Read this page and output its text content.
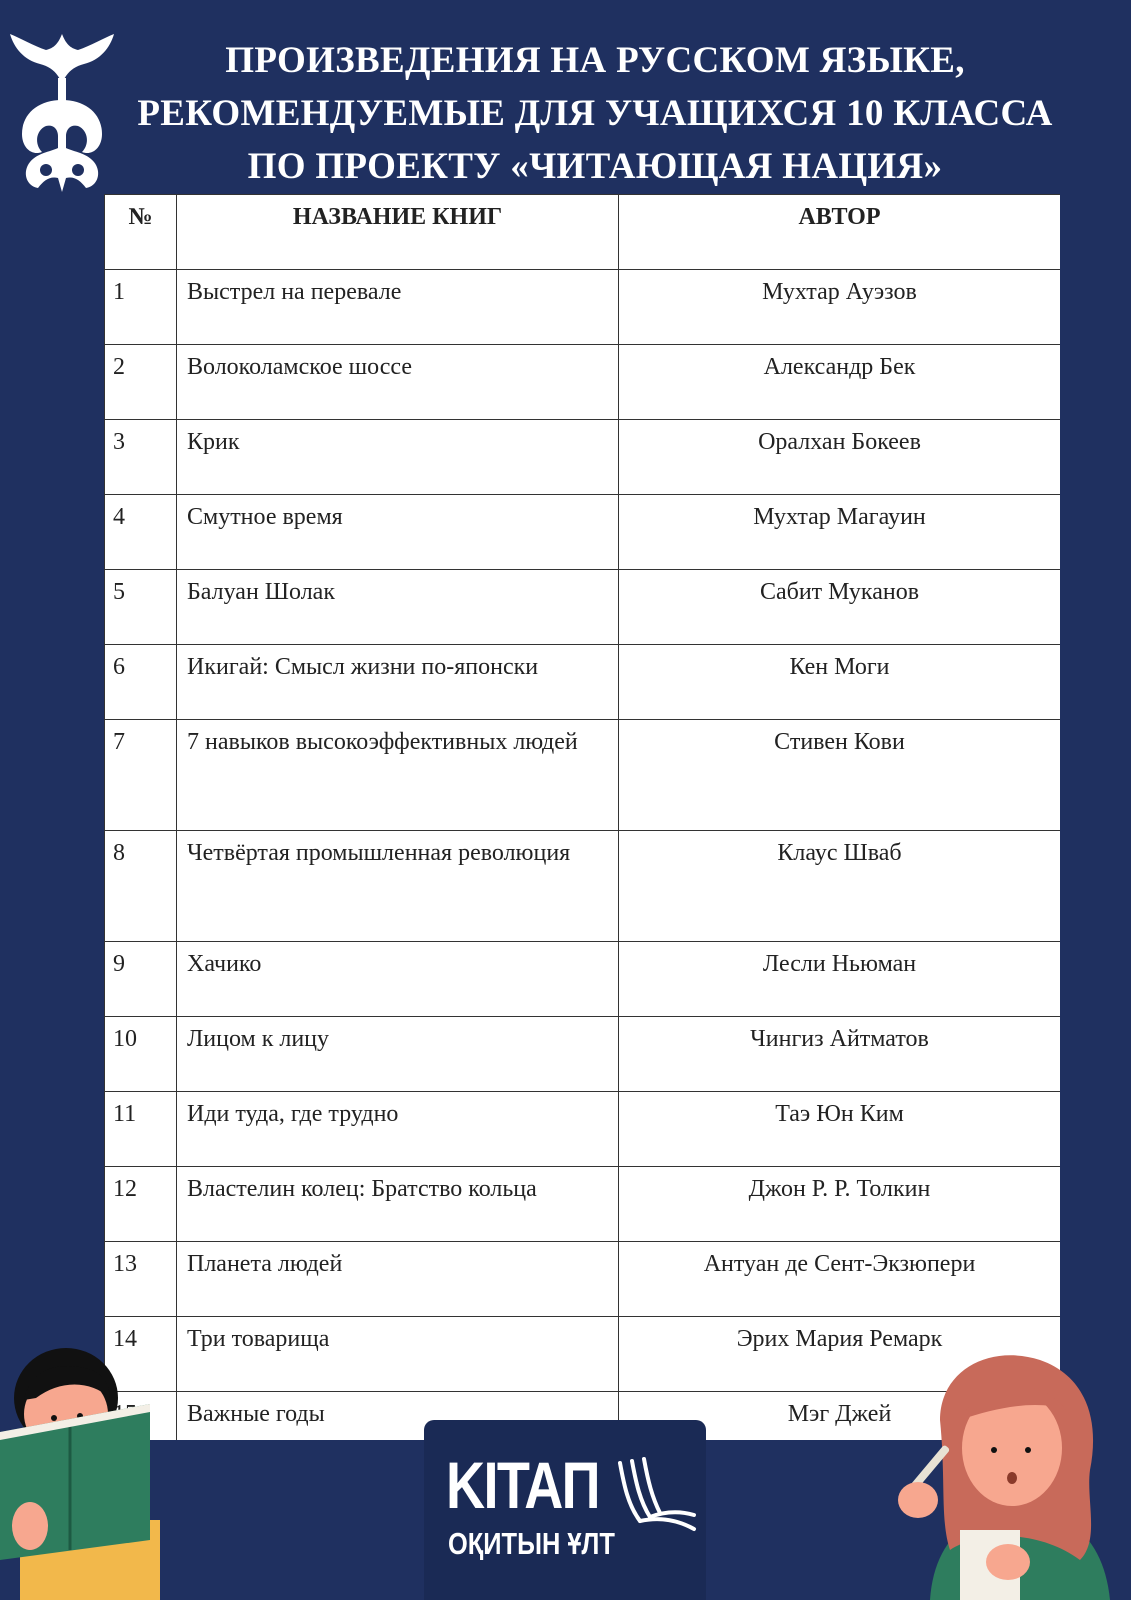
ПРОИЗВЕДЕНИЯ НА РУССКОМ ЯЗЫКЕ,
РЕКОМЕНДУЕМЫЕ ДЛЯ УЧАЩИХСЯ 10 КЛАССА
ПО ПРОЕКТУ «ЧИТАЮЩАЯ НАЦИЯ»
№	НАЗВАНИЕ КНИГ	АВТОР
1	Выстрел на перевале	Мухтар Ауэзов
2	Волоколамское шоссе	Александр Бек
3	Крик	Оралхан Бокеев
4	Смутное время	Мухтар Магауин
5	Балуан Шолак	Сабит Муканов
6	Икигай: Смысл жизни по-японски	Кен Моги
7	7 навыков высокоэффективных людей	Стивен Кови
8	Четвёртая промышленная революция	Клаус Шваб
9	Хачико	Лесли Ньюман
10	Лицом к лицу	Чингиз Айтматов
11	Иди туда, где трудно	Таэ Юн Ким
12	Властелин колец: Братство кольца	Джон Р. Р. Толкин
13	Планета людей	Антуан де Сент-Экзюпери
14	Три товарища	Эрих Мария Ремарк
	Важные годы	Мэг Джей
KITAП
OҚИТЫН ҰЛТ
